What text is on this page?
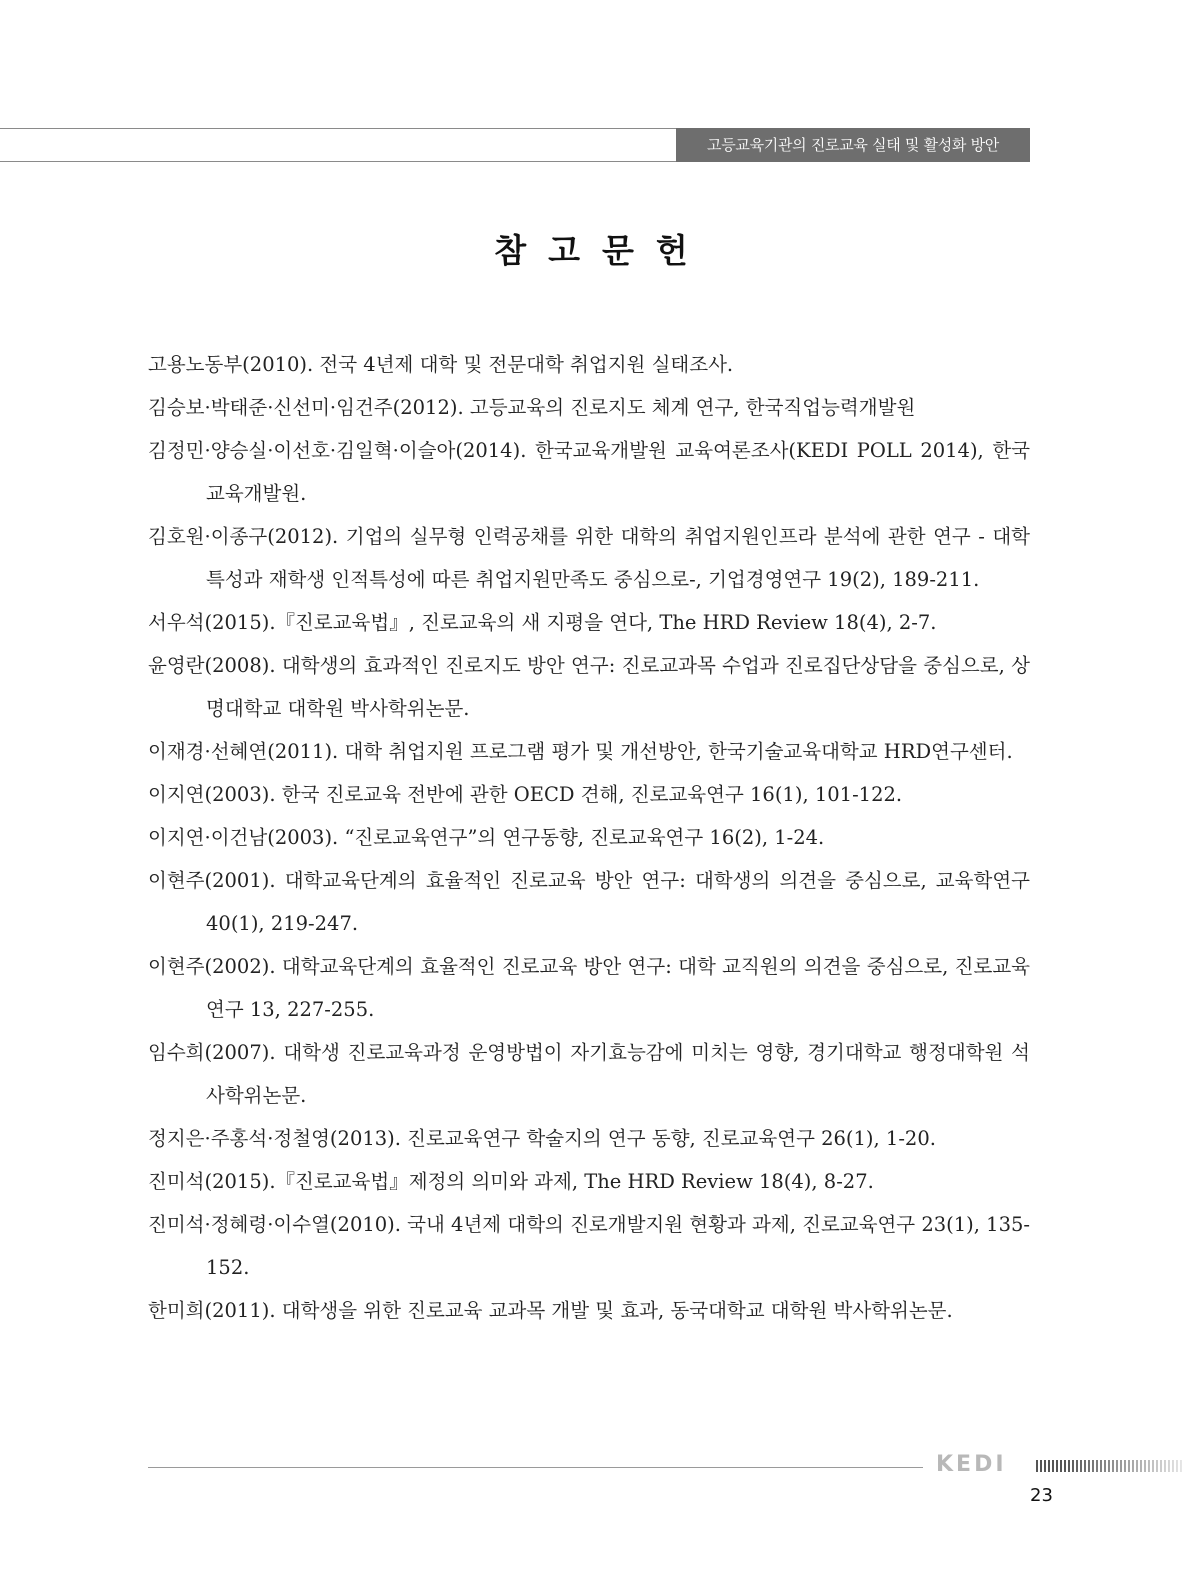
고등교육기관의 진로교육 실태 및 활성화 방안
참고문헌
고용노동부(2010). 전국 4년제 대학 및 전문대학 취업지원 실태조사.
김승보·박태준·신선미·임건주(2012). 고등교육의 진로지도 체계 연구, 한국직업능력개발원
김정민·양승실·이선호·김일혁·이슬아(2014). 한국교육개발원 교육여론조사(KEDI POLL 2014), 한국교육개발원.
김호원·이종구(2012). 기업의 실무형 인력공채를 위한 대학의 취업지원인프라 분석에 관한 연구 - 대학특성과 재학생 인적특성에 따른 취업지원만족도 중심으로-, 기업경영연구 19(2), 189-211.
서우석(2015).『진로교육법』, 진로교육의 새 지평을 연다, The HRD Review 18(4), 2-7.
윤영란(2008). 대학생의 효과적인 진로지도 방안 연구: 진로교과목 수업과 진로집단상담을 중심으로, 상명대학교 대학원 박사학위논문.
이재경·선혜연(2011). 대학 취업지원 프로그램 평가 및 개선방안, 한국기술교육대학교 HRD연구센터.
이지연(2003). 한국 진로교육 전반에 관한 OECD 견해, 진로교육연구 16(1), 101-122.
이지연·이건남(2003). “진로교육연구”의 연구동향, 진로교육연구 16(2), 1-24.
이현주(2001). 대학교육단계의 효율적인 진로교육 방안 연구: 대학생의 의견을 중심으로, 교육학연구 40(1), 219-247.
이현주(2002). 대학교육단계의 효율적인 진로교육 방안 연구: 대학 교직원의 의견을 중심으로, 진로교육연구 13, 227-255.
임수희(2007). 대학생 진로교육과정 운영방법이 자기효능감에 미치는 영향, 경기대학교 행정대학원 석사학위논문.
정지은·주홍석·정철영(2013). 진로교육연구 학술지의 연구 동향, 진로교육연구 26(1), 1-20.
진미석(2015).『진로교육법』제정의 의미와 과제, The HRD Review 18(4), 8-27.
진미석·정혜령·이수열(2010). 국내 4년제 대학의 진로개발지원 현황과 과제, 진로교육연구 23(1), 135-152.
한미희(2011). 대학생을 위한 진로교육 교과목 개발 및 효과, 동국대학교 대학원 박사학위논문.
KEDI
23
